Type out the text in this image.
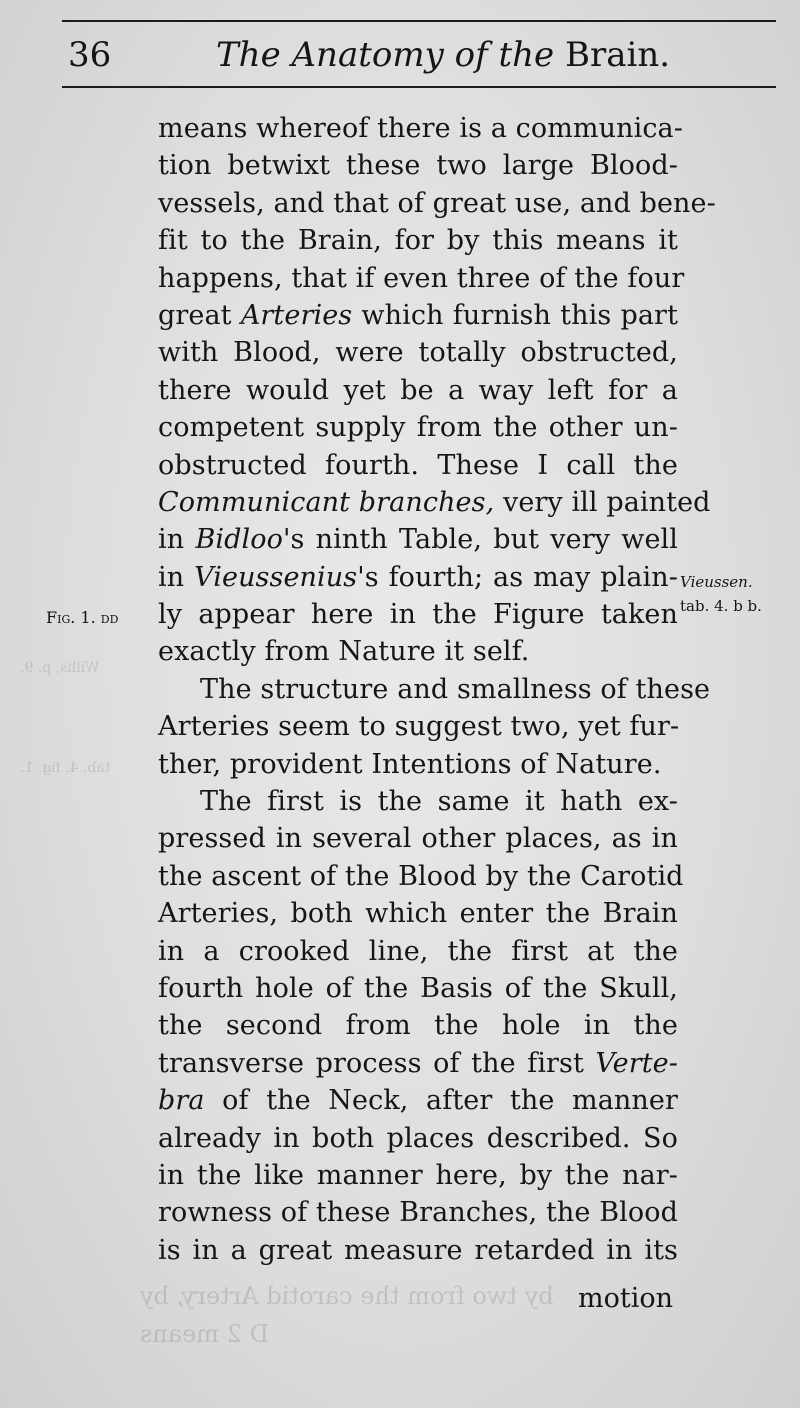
by two from the carotid Artery, by
D 2 means
Willis, p. 9.
tab. 4. fig. 1.
36	The Anatomy of the Brain.
Fig. 1. dd
Vieussen.
tab. 4. b b.
means whereof there is a communica-
tion betwixt these two large Blood-
vessels, and that of great use, and bene-
fit to the Brain, for by this means it
happens, that if even three of the four
great Arteries which furnish this part
with Blood, were totally obstructed,
there would yet be a way left for a
competent supply from the other un-
obstructed fourth. These I call the
Communicant branches, very ill painted
in Bidloo's ninth Table, but very well
in Vieussenius's fourth; as may plain-
ly appear here in the Figure taken
exactly from Nature it self.
The structure and smallness of these
Arteries seem to suggest two, yet fur-
ther, provident Intentions of Nature.
The first is the same it hath ex-
pressed in several other places, as in
the ascent of the Blood by the Carotid
Arteries, both which enter the Brain
in a crooked line, the first at the
fourth hole of the Basis of the Skull,
the second from the hole in the
transverse process of the first Verte-
bra of the Neck, after the manner
already in both places described. So
in the like manner here, by the nar-
rowness of these Branches, the Blood
is in a great measure retarded in its
motion
